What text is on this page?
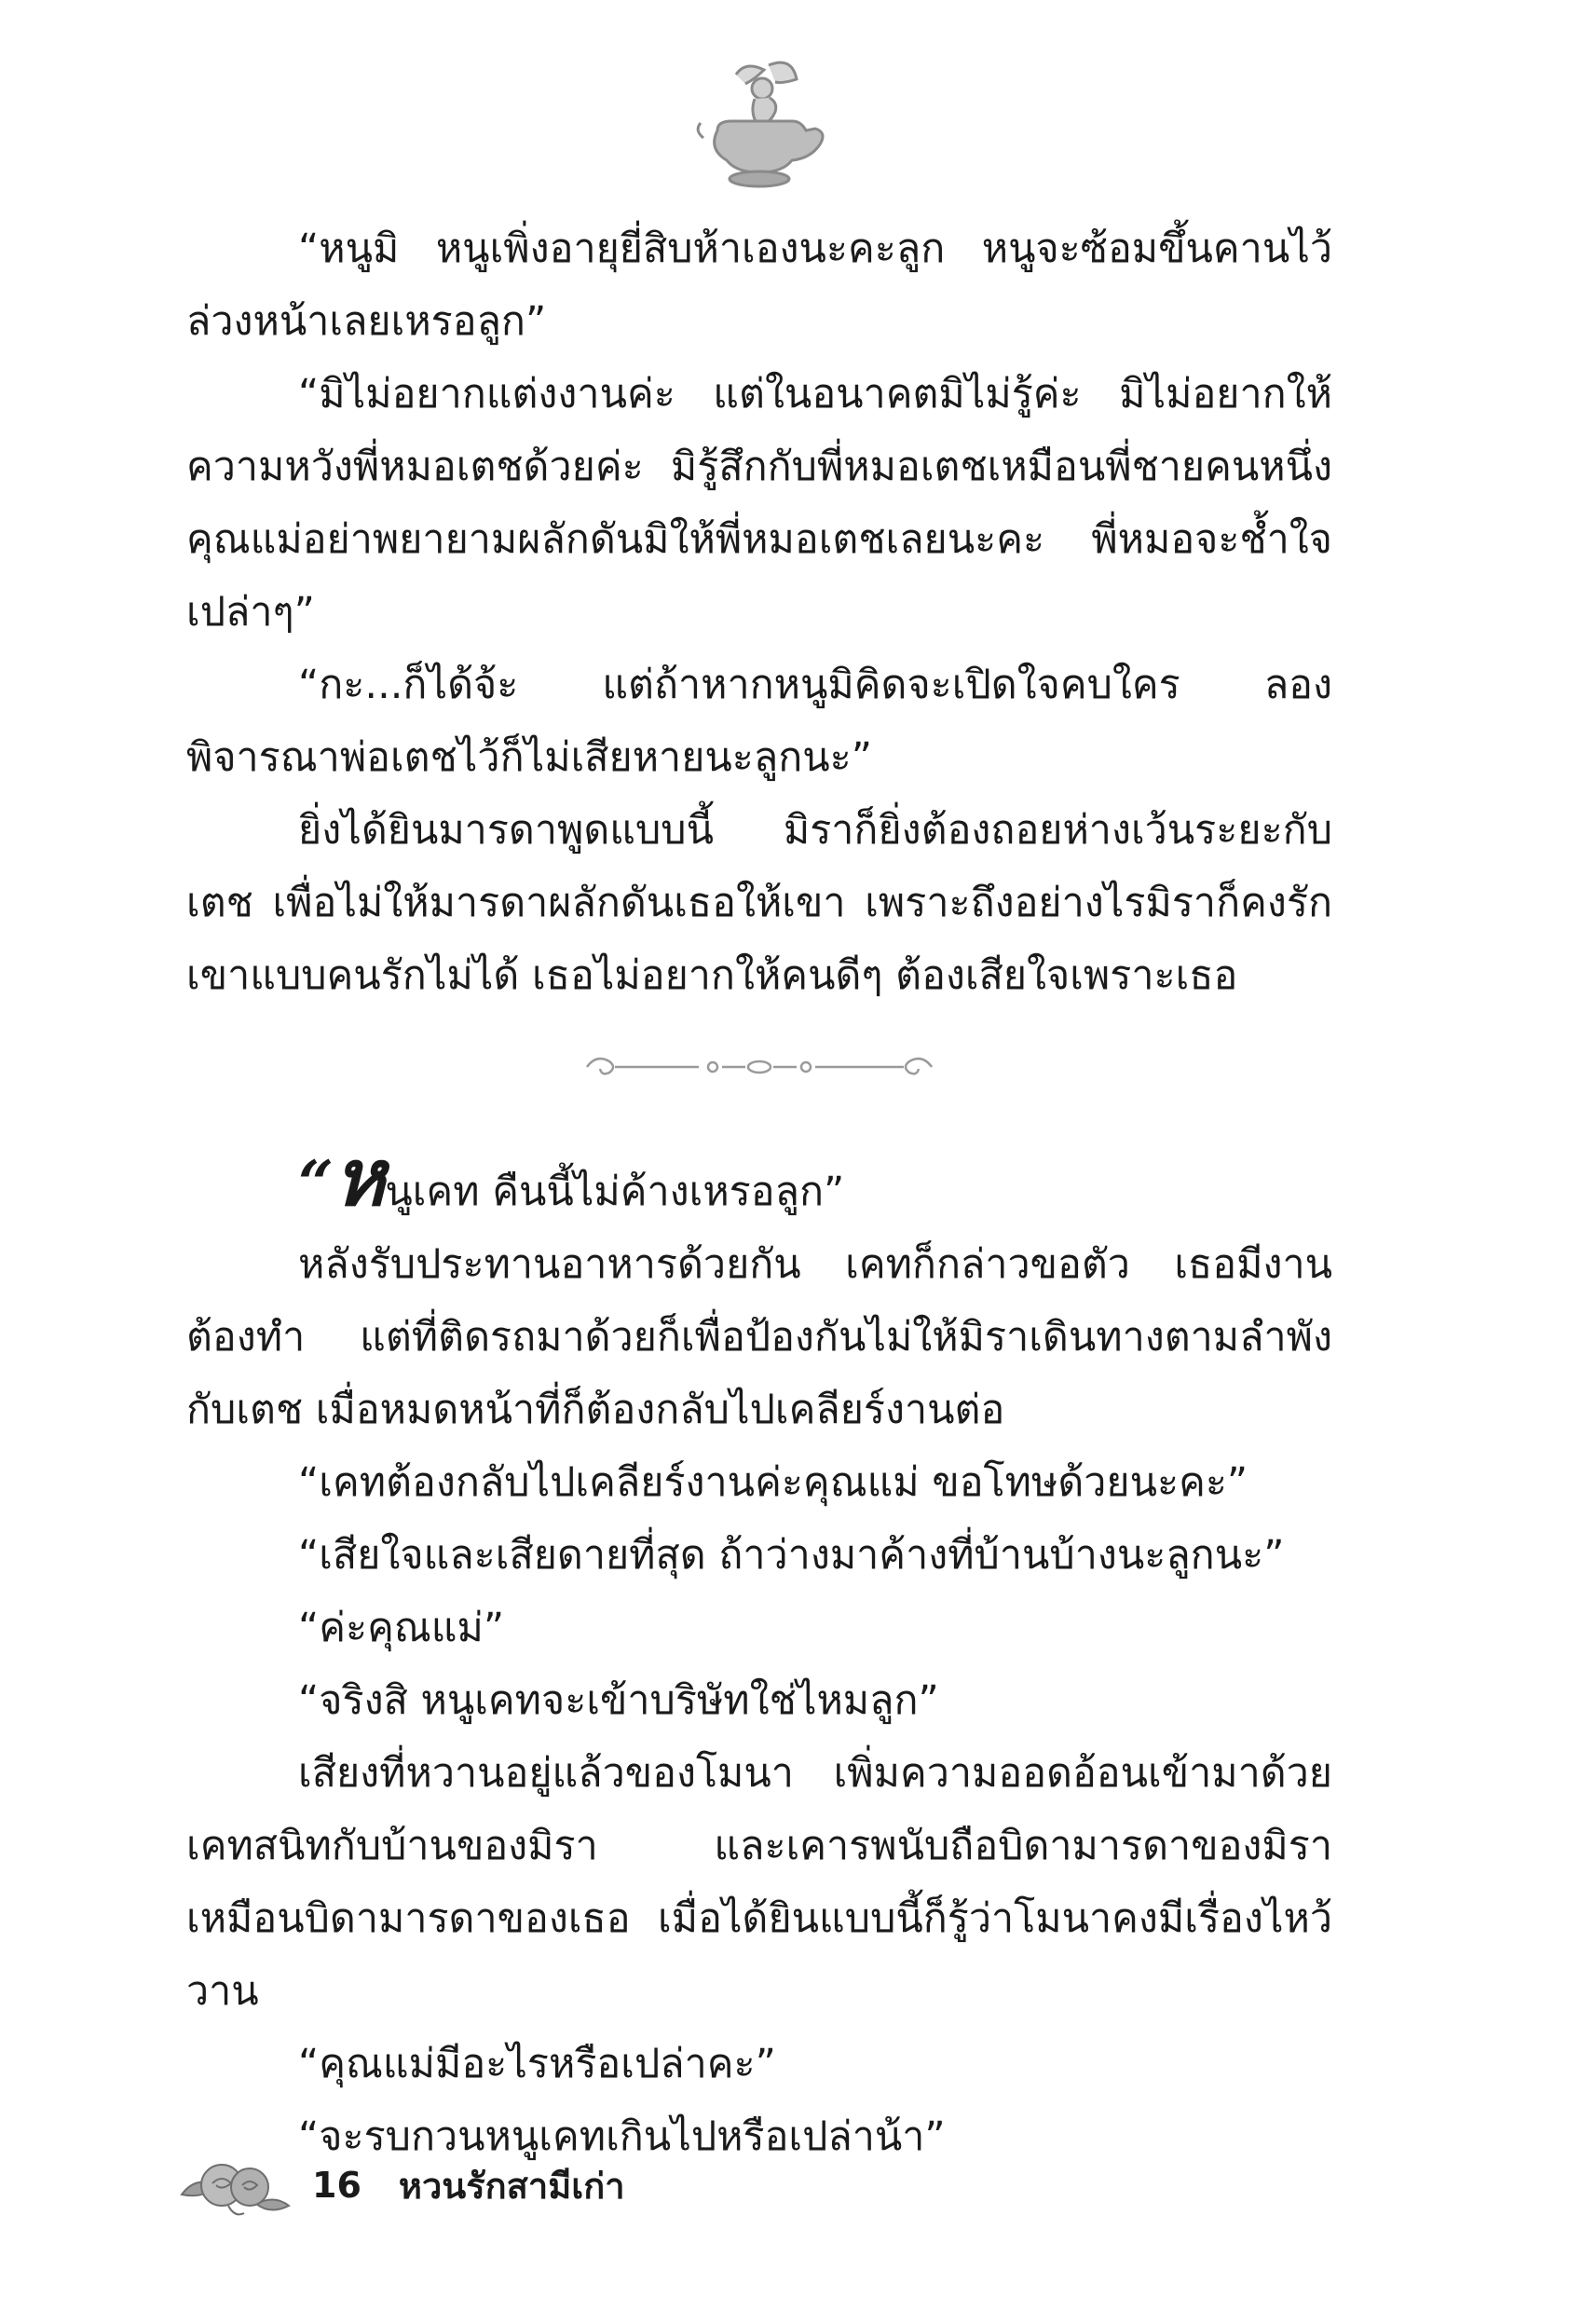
“หนูมิ หนูเพิ่งอายุยี่สิบห้าเองนะคะลูก หนูจะซ้อมขึ้นคานไว้ล่วงหน้าเลยเหรอลูก”

“มิไม่อยากแต่งงานค่ะ แต่ในอนาคตมิไม่รู้ค่ะ มิไม่อยากให้ความหวังพี่หมอเตชด้วยค่ะ มิรู้สึกกับพี่หมอเตชเหมือนพี่ชายคนหนึ่ง คุณแม่อย่าพยายามผลักดันมิให้พี่หมอเตชเลยนะคะ พี่หมอจะช้ำใจเปล่าๆ”

“กะ...ก็ได้จ้ะ แต่ถ้าหากหนูมิคิดจะเปิดใจคบใคร ลองพิจารณาพ่อเตชไว้ก็ไม่เสียหายนะลูกนะ”

ยิ่งได้ยินมารดาพูดแบบนี้ มิราก็ยิ่งต้องถอยห่างเว้นระยะกับเตช เพื่อไม่ให้มารดาผลักดันเธอให้เขา เพราะถึงอย่างไรมิราก็คงรักเขาแบบคนรักไม่ได้ เธอไม่อยากให้คนดีๆ ต้องเสียใจเพราะเธอ

“หนูเคท คืนนี้ไม่ค้างเหรอลูก”

หลังรับประทานอาหารด้วยกัน เคทก็กล่าวขอตัว เธอมีงานต้องทำ แต่ที่ติดรถมาด้วยก็เพื่อป้องกันไม่ให้มิราเดินทางตามลำพังกับเตช เมื่อหมดหน้าที่ก็ต้องกลับไปเคลียร์งานต่อ

“เคทต้องกลับไปเคลียร์งานค่ะคุณแม่ ขอโทษด้วยนะคะ”

“เสียใจและเสียดายที่สุด ถ้าว่างมาค้างที่บ้านบ้างนะลูกนะ”

“ค่ะคุณแม่”

“จริงสิ หนูเคทจะเข้าบริษัทใช่ไหมลูก”

เสียงที่หวานอยู่แล้วของโมนา เพิ่มความออดอ้อนเข้ามาด้วย เคทสนิทกับบ้านของมิรา และเคารพนับถือบิดามารดาของมิราเหมือนบิดามารดาของเธอ เมื่อได้ยินแบบนี้ก็รู้ว่าโมนาคงมีเรื่องไหว้วาน

“คุณแม่มีอะไรหรือเปล่าคะ”

“จะรบกวนหนูเคทเกินไปหรือเปล่าน้า”

16 หวนรักสามีเก่า
